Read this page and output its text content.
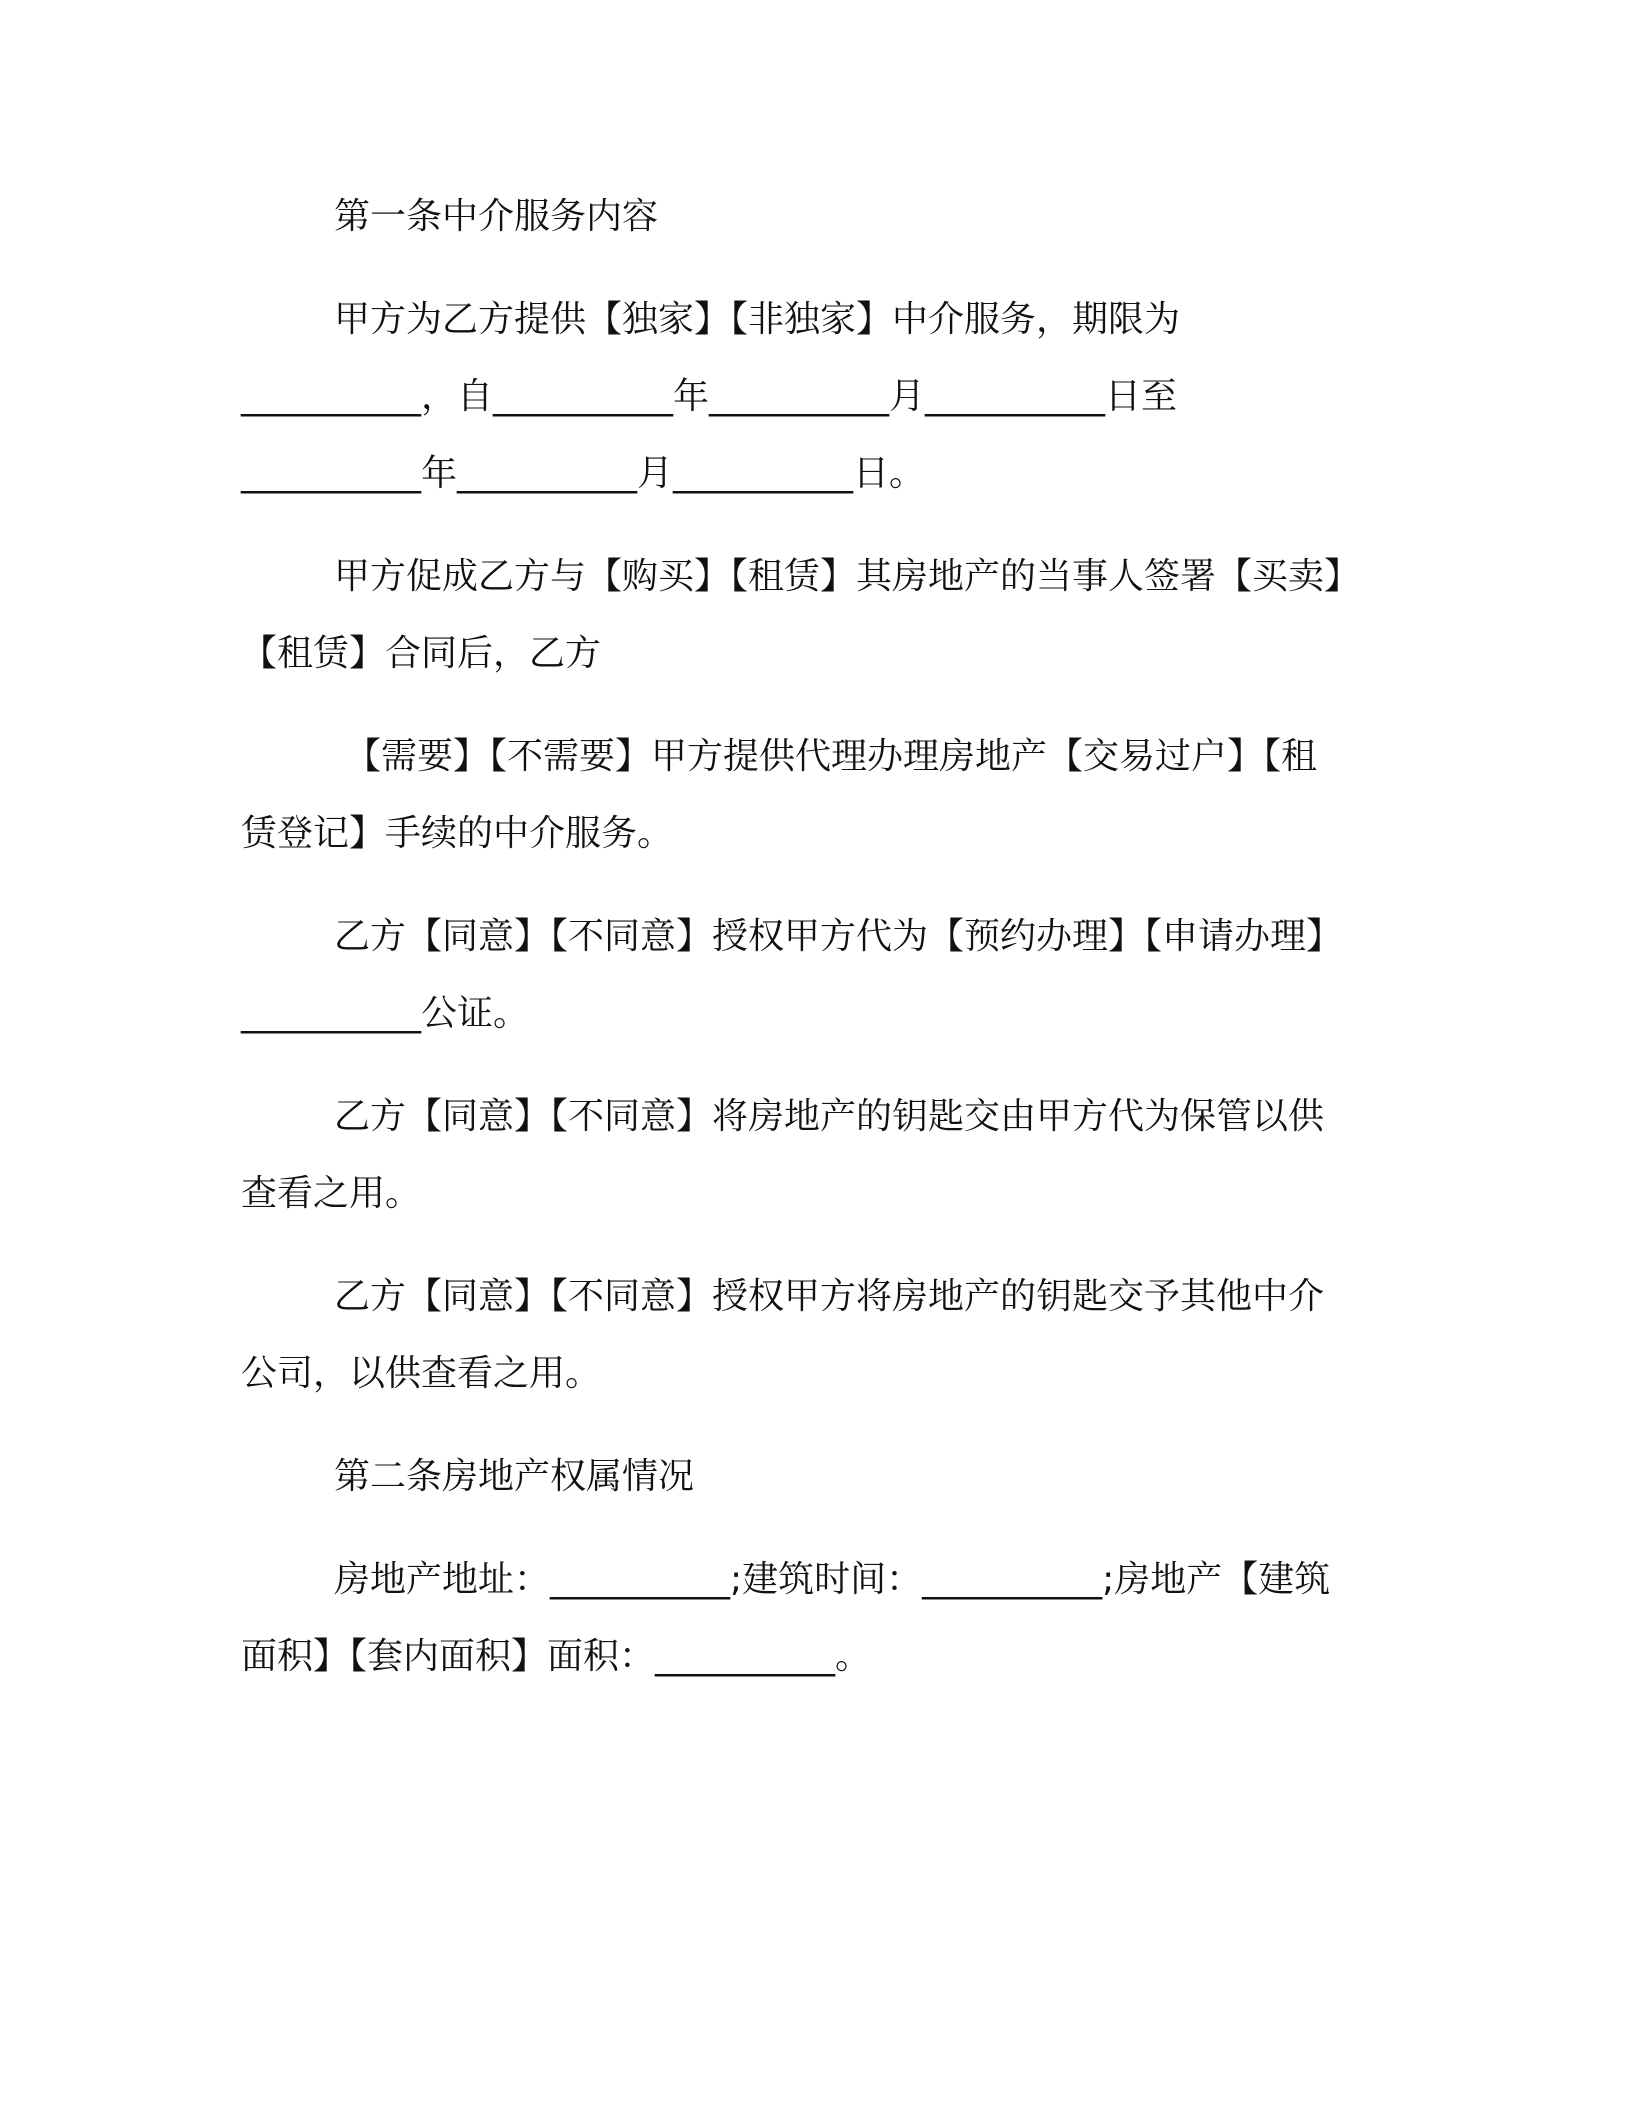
第一条中介服务内容
甲方为乙方提供【独家】【非独家】中介服务，期限为
__________，自__________年__________月__________日至
__________年__________月__________日。
甲方促成乙方与【购买】【租赁】其房地产的当事人签署【买卖】
【租赁】合同后，乙方
【需要】【不需要】甲方提供代理办理房地产【交易过户】【租
赁登记】手续的中介服务。
乙方【同意】【不同意】授权甲方代为【预约办理】【申请办理】
__________公证。
乙方【同意】【不同意】将房地产的钥匙交由甲方代为保管以供
查看之用。
乙方【同意】【不同意】授权甲方将房地产的钥匙交予其他中介
公司，以供查看之用。
第二条房地产权属情况
房地产地址：__________;建筑时间：__________;房地产【建筑
面积】【套内面积】面积：__________。
